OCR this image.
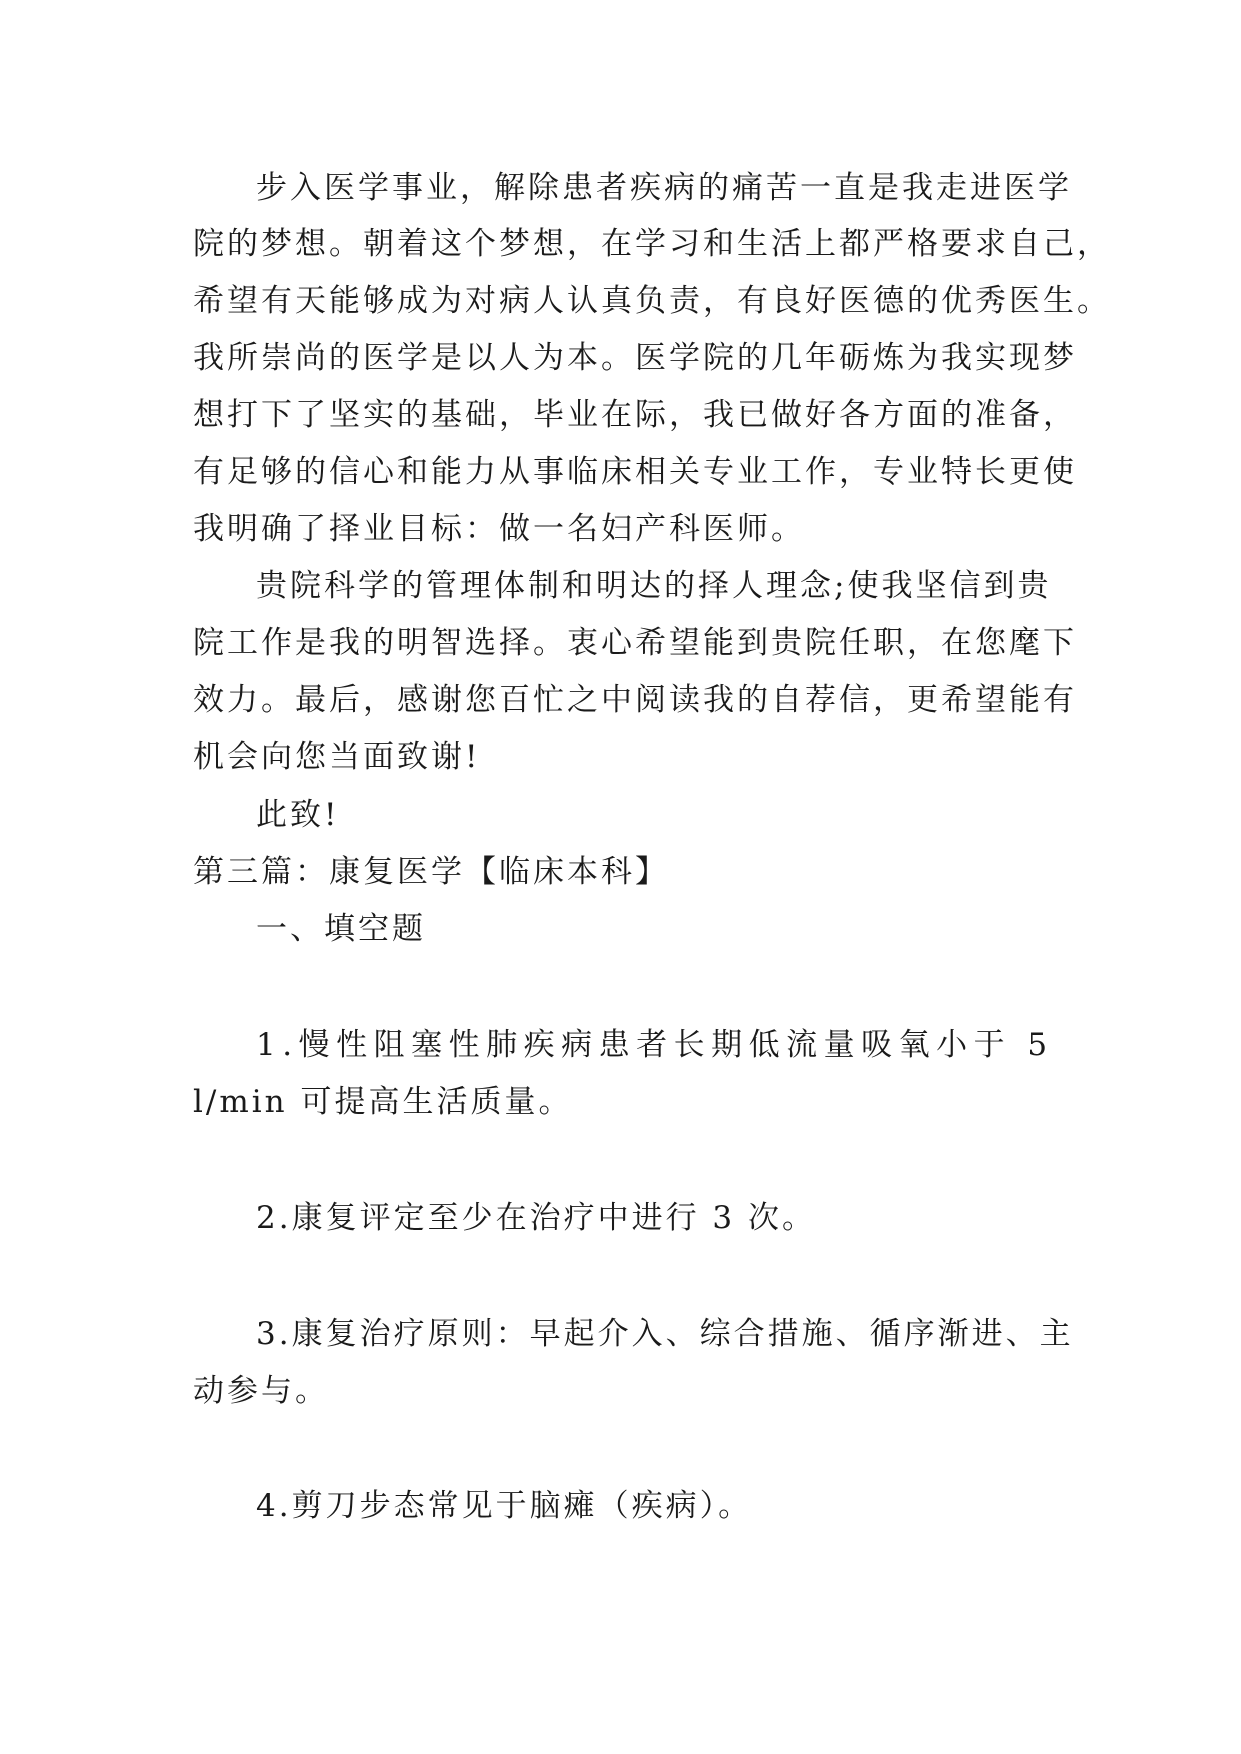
步入医学事业，解除患者疾病的痛苦一直是我走进医学
院的梦想。朝着这个梦想，在学习和生活上都严格要求自己，
希望有天能够成为对病人认真负责，有良好医德的优秀医生。
我所崇尚的医学是以人为本。医学院的几年砺炼为我实现梦
想打下了坚实的基础，毕业在际，我已做好各方面的准备，
有足够的信心和能力从事临床相关专业工作，专业特长更使
我明确了择业目标：做一名妇产科医师。
贵院科学的管理体制和明达的择人理念;使我坚信到贵
院工作是我的明智选择。衷心希望能到贵院任职，在您麾下
效力。最后，感谢您百忙之中阅读我的自荐信，更希望能有
机会向您当面致谢!
此致!
第三篇：康复医学【临床本科】
一、填空题
1.慢性阻塞性肺疾病患者长期低流量吸氧小于 5
l/min 可提高生活质量。
2.康复评定至少在治疗中进行 3 次。
3.康复治疗原则：早起介入、综合措施、循序渐进、主
动参与。
4.剪刀步态常见于脑瘫（疾病）。
